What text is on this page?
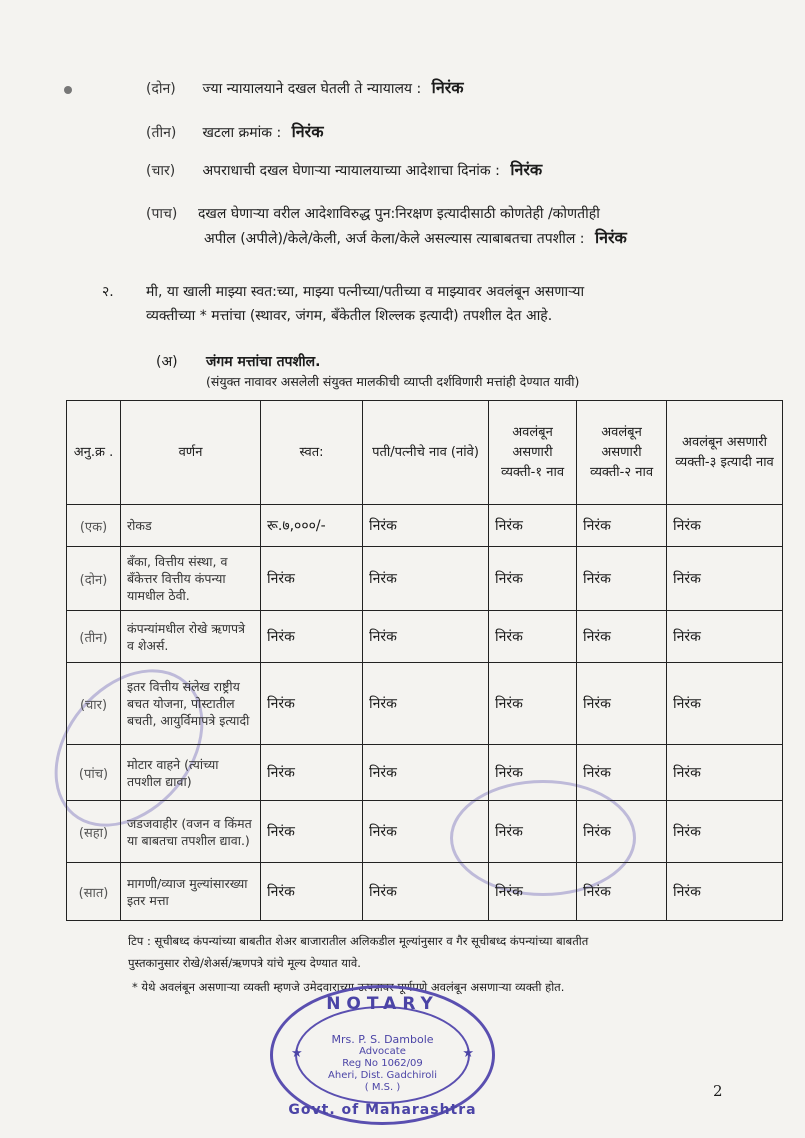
(दोन) ज्या न्यायालयाने दखल घेतली ते न्यायालय : निरंक
(तीन) खटला क्रमांक : निरंक
(चार) अपराधाची दखल घेणाऱ्या न्यायालयाच्या आदेशाचा दिनांक : निरंक
(पाच) दखल घेणाऱ्या वरील आदेशाविरुद्ध पुन:निरक्षण इत्यादीसाठी कोणतेही /कोणतीही
अपील (अपीले)/केले/केली, अर्ज केला/केले असल्यास त्याबाबतचा तपशील : निरंक
२. मी, या खाली माझ्या स्वत:च्या, माझ्या पत्नीच्या/पतीच्या व माझ्यावर अवलंबून असणाऱ्या
व्यक्तीच्या * मत्तांचा (स्थावर, जंगम, बँकेतील शिल्लक इत्यादी) तपशील देत आहे.
(अ) जंगम मत्तांचा तपशील.
(संयुक्त नावावर असलेली संयुक्त मालकीची व्याप्ती दर्शविणारी मत्तांही देण्यात यावी)
अनु.क्र .	वर्णन	स्वत:	पती/पत्नीचे नाव (नांवे)	अवलंबून असणारी व्यक्ती-१ नाव	अवलंबून असणारी व्यक्ती-२ नाव	अवलंबून असणारी व्यक्ती-३ इत्यादी नाव
(एक)	रोकड	रू.७,०००/-	निरंक	निरंक	निरंक	निरंक
(दोन)	बँका, वित्तीय संस्था, व बँकेत्तर वित्तीय कंपन्या यामधील ठेवी.	निरंक	निरंक	निरंक	निरंक	निरंक
(तीन)	कंपन्यांमधील रोखे ऋणपत्रे व शेअर्स.	निरंक	निरंक	निरंक	निरंक	निरंक
(चार)	इतर वित्तीय संलेख राष्ट्रीय बचत योजना, पोस्टातील बचती, आयुर्विमापत्रे इत्यादी	निरंक	निरंक	निरंक	निरंक	निरंक
(पांच)	मोटार वाहने (त्यांच्या तपशील द्यावा)	निरंक	निरंक	निरंक	निरंक	निरंक
(सहा)	जडजवाहीर (वजन व किंमत या बाबतचा तपशील द्यावा.)	निरंक	निरंक	निरंक	निरंक	निरंक
(सात)	मागणी/व्याज मुल्यांसारख्या इतर मत्ता	निरंक	निरंक	निरंक	निरंक	निरंक
टिप : सूचीबध्द कंपन्यांच्या बाबतीत शेअर बाजारातील अलिकडील मूल्यांनुसार व गैर सूचीबध्द कंपन्यांच्या बाबतीत
पुस्तकानुसार रोखे/शेअर्स/ऋणपत्रे यांचे मूल्य देण्यात यावे.
* येथे अवलंबून असणाऱ्या व्यक्ती म्हणजे उमेदवाराच्या उत्पन्नावर पूर्णपणे अवलंबून असणाऱ्या व्यक्ती होत.
NOTARY
★	★
Mrs. P. S. Dambole
Advocate
Reg No 1062/09
Aheri, Dist. Gadchiroli
( M.S. )
Govt. of Maharashtra
2
